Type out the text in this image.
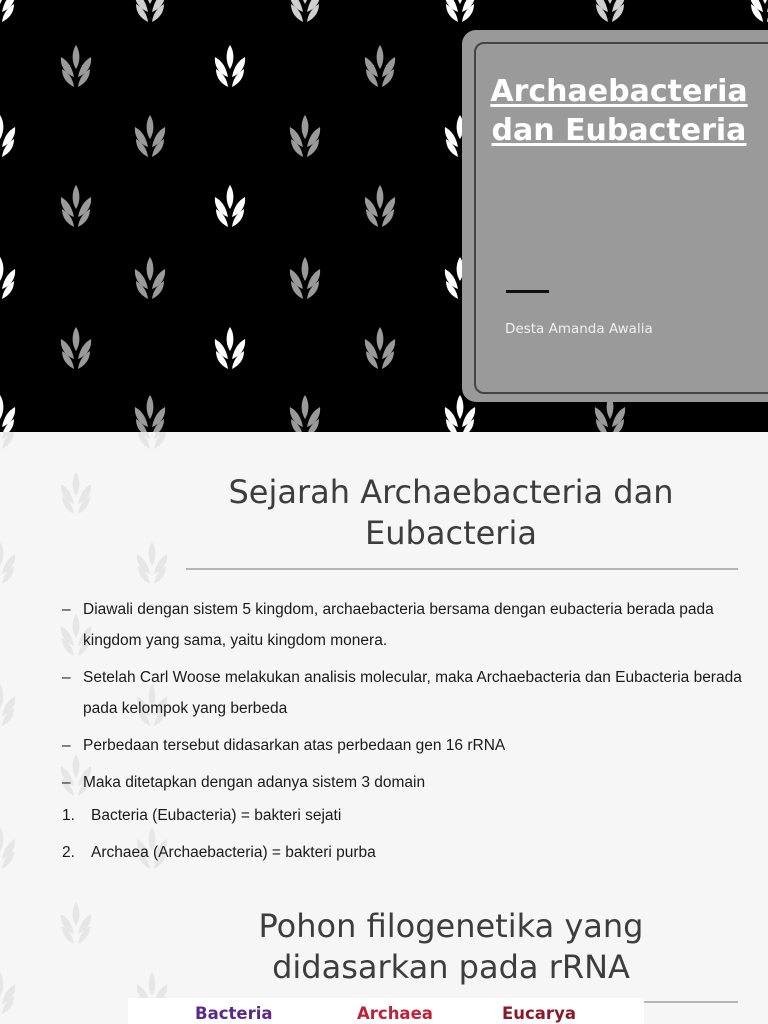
Archaebacteria dan Eubacteria
Desta Amanda Awalia
Sejarah Archaebacteria dan Eubacteria
– Diawali dengan sistem 5 kingdom, archaebacteria bersama dengan eubacteria berada pada kingdom yang sama, yaitu kingdom monera.
– Setelah Carl Woose melakukan analisis molecular, maka Archaebacteria dan Eubacteria berada pada kelompok yang berbeda
– Perbedaan tersebut didasarkan atas perbedaan gen 16 rRNA
– Maka ditetapkan dengan adanya sistem 3 domain
1. Bacteria (Eubacteria) = bakteri sejati
2. Archaea (Archaebacteria) = bakteri purba
Pohon filogenetika yang didasarkan pada rRNA
Bacteria	Archaea	Eucarya
